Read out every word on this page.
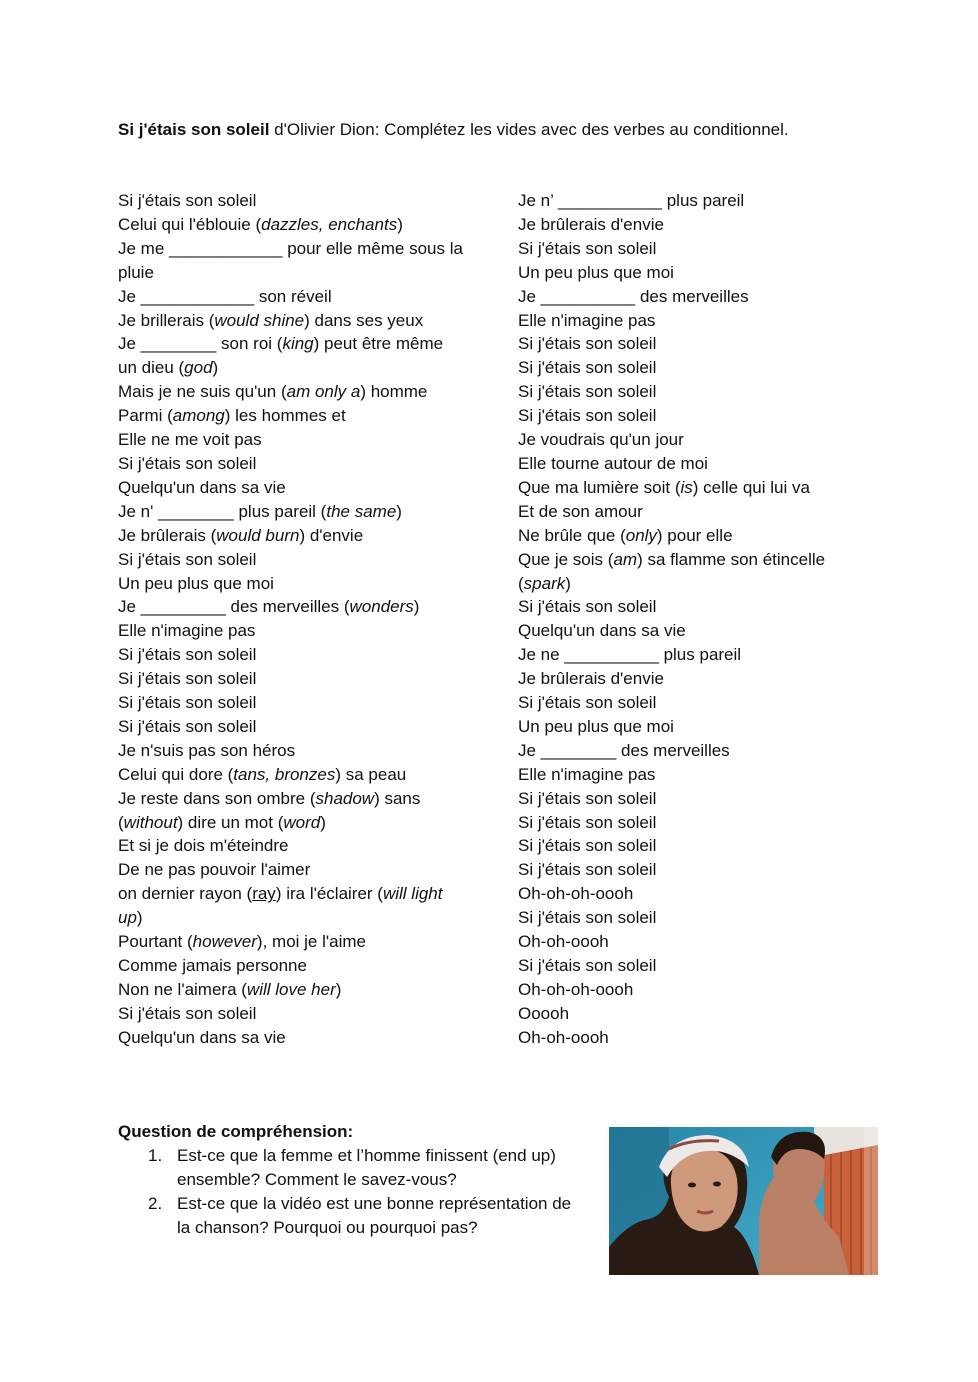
Si j'étais son soleil d'Olivier Dion: Complétez les vides avec des verbes au conditionnel.

Si j'étais son soleil
Celui qui l'éblouie (dazzles, enchants)
Je me ____________ pour elle même sous la pluie
Je ____________ son réveil
Je brillerais (would shine) dans ses yeux
Je ________ son roi (king) peut être même un dieu (god)
Mais je ne suis qu'un (am only a) homme
Parmi (among) les hommes et
Elle ne me voit pas
Si j'étais son soleil
Quelqu'un dans sa vie
Je n' ________ plus pareil (the same)
Je brûlerais (would burn) d'envie
Si j'étais son soleil
Un peu plus que moi
Je _________ des merveilles (wonders)
Elle n'imagine pas
Si j'étais son soleil
Si j'étais son soleil
Si j'étais son soleil
Si j'étais son soleil
Je n'suis pas son héros
Celui qui dore (tans, bronzes) sa peau
Je reste dans son ombre (shadow) sans (without) dire un mot (word)
Et si je dois m'éteindre
De ne pas pouvoir l'aimer
on dernier rayon (ray) ira l'éclairer (will light up)
Pourtant (however), moi je l'aime
Comme jamais personne
Non ne l'aimera (will love her)
Si j'étais son soleil
Quelqu'un dans sa vie
Je n’ ___________ plus pareil
Je brûlerais d'envie
Si j'étais son soleil
Un peu plus que moi
Je __________ des merveilles
Elle n'imagine pas
Si j'étais son soleil
Si j'étais son soleil
Si j'étais son soleil
Si j'étais son soleil
Je voudrais qu'un jour
Elle tourne autour de moi
Que ma lumière soit (is) celle qui lui va
Et de son amour
Ne brûle que (only) pour elle
Que je sois (am) sa flamme son étincelle (spark)
Si j'étais son soleil
Quelqu'un dans sa vie
Je ne __________ plus pareil
Je brûlerais d'envie
Si j'étais son soleil
Un peu plus que moi
Je ________ des merveilles
Elle n'imagine pas
Si j'étais son soleil
Si j'étais son soleil
Si j'étais son soleil
Si j'étais son soleil
Oh-oh-oh-oooh
Si j'étais son soleil
Oh-oh-oooh
Si j'étais son soleil
Oh-oh-oh-oooh
Ooooh
Oh-oh-oooh

Question de compréhension:

1. Est-ce que la femme et l’homme finissent (end up) ensemble? Comment le savez-vous?
2. Est-ce que la vidéo est une bonne représentation de la chanson? Pourquoi ou pourquoi pas?
